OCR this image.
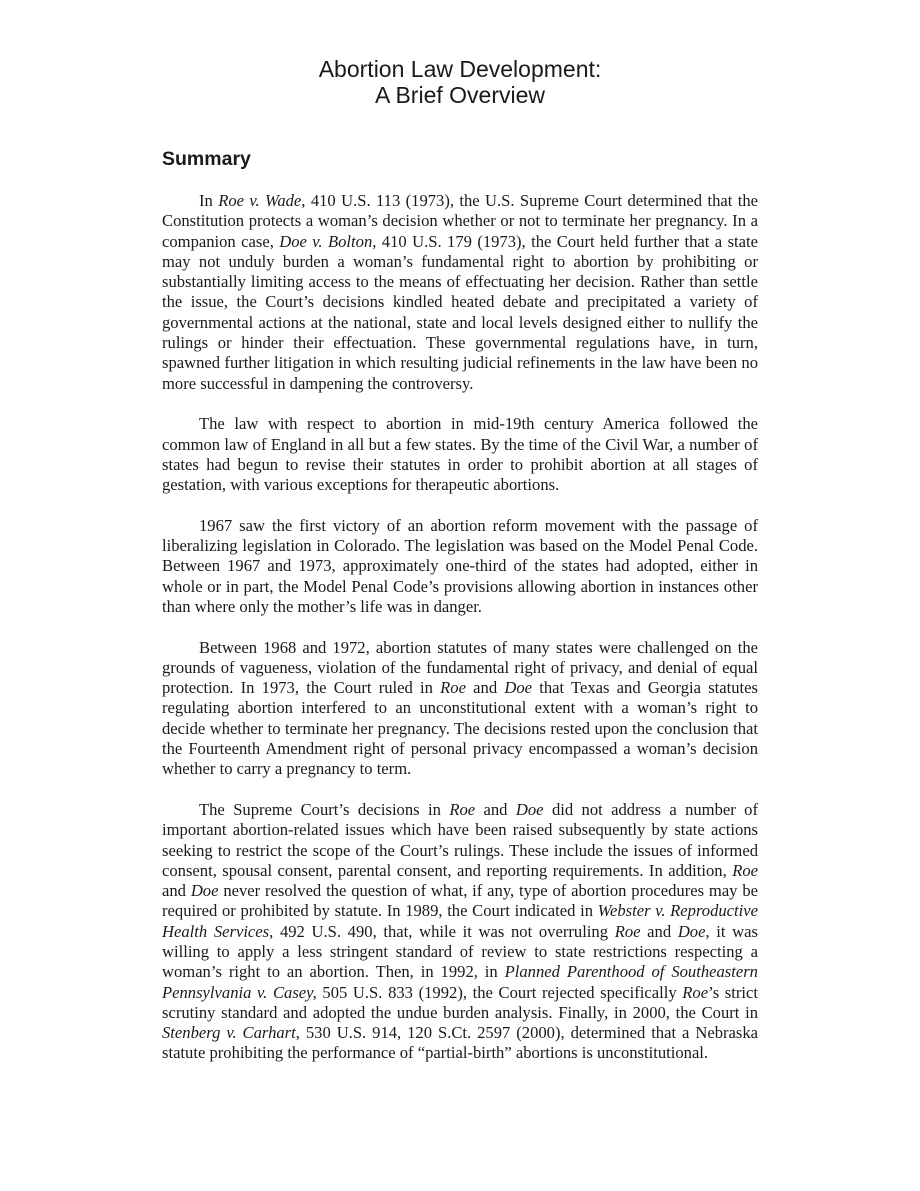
Abortion Law Development:
A Brief Overview
Summary

In Roe v. Wade, 410 U.S. 113 (1973), the U.S. Supreme Court determined that the Constitution protects a woman’s decision whether or not to terminate her pregnancy. In a companion case, Doe v. Bolton, 410 U.S. 179 (1973), the Court held further that a state may not unduly burden a woman’s fundamental right to abortion by prohibiting or substantially limiting access to the means of effectuating her decision. Rather than settle the issue, the Court’s decisions kindled heated debate and precipitated a variety of governmental actions at the national, state and local levels designed either to nullify the rulings or hinder their effectuation. These governmental regulations have, in turn, spawned further litigation in which resulting judicial refinements in the law have been no more successful in dampening the controversy.

The law with respect to abortion in mid-19th century America followed the common law of England in all but a few states. By the time of the Civil War, a number of states had begun to revise their statutes in order to prohibit abortion at all stages of gestation, with various exceptions for therapeutic abortions.

1967 saw the first victory of an abortion reform movement with the passage of liberalizing legislation in Colorado. The legislation was based on the Model Penal Code. Between 1967 and 1973, approximately one-third of the states had adopted, either in whole or in part, the Model Penal Code’s provisions allowing abortion in instances other than where only the mother’s life was in danger.

Between 1968 and 1972, abortion statutes of many states were challenged on the grounds of vagueness, violation of the fundamental right of privacy, and denial of equal protection. In 1973, the Court ruled in Roe and Doe that Texas and Georgia statutes regulating abortion interfered to an unconstitutional extent with a woman’s right to decide whether to terminate her pregnancy. The decisions rested upon the conclusion that the Fourteenth Amendment right of personal privacy encompassed a woman’s decision whether to carry a pregnancy to term.

The Supreme Court’s decisions in Roe and Doe did not address a number of important abortion-related issues which have been raised subsequently by state actions seeking to restrict the scope of the Court’s rulings. These include the issues of informed consent, spousal consent, parental consent, and reporting requirements. In addition, Roe and Doe never resolved the question of what, if any, type of abortion procedures may be required or prohibited by statute. In 1989, the Court indicated in Webster v. Reproductive Health Services, 492 U.S. 490, that, while it was not overruling Roe and Doe, it was willing to apply a less stringent standard of review to state restrictions respecting a woman’s right to an abortion. Then, in 1992, in Planned Parenthood of Southeastern Pennsylvania v. Casey, 505 U.S. 833 (1992), the Court rejected specifically Roe’s strict scrutiny standard and adopted the undue burden analysis. Finally, in 2000, the Court in Stenberg v. Carhart, 530 U.S. 914, 120 S.Ct. 2597 (2000), determined that a Nebraska statute prohibiting the performance of “partial-birth” abortions is unconstitutional.
